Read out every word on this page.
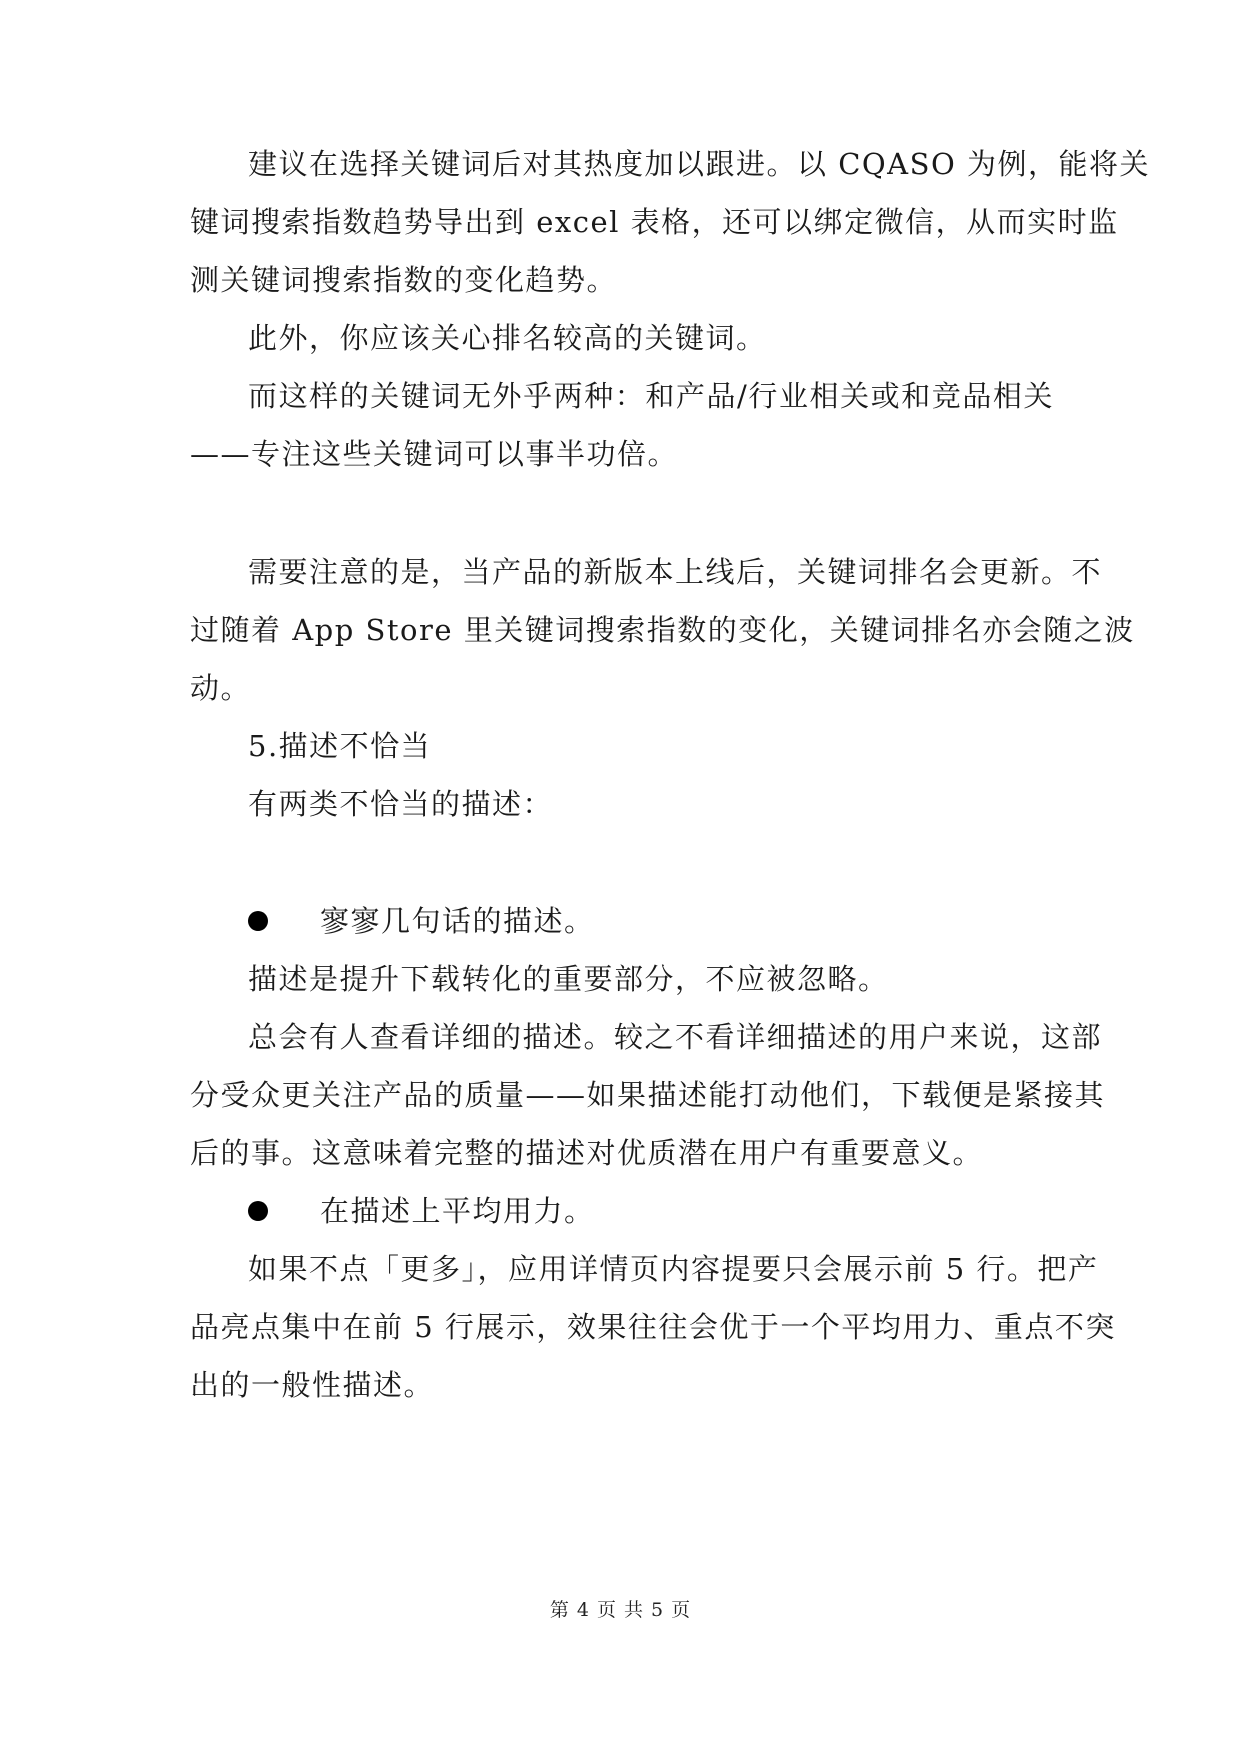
建议在选择关键词后对其热度加以跟进。以 CQASO 为例，能将关
键词搜索指数趋势导出到 excel 表格，还可以绑定微信，从而实时监
测关键词搜索指数的变化趋势。
此外，你应该关心排名较高的关键词。
而这样的关键词无外乎两种：和产品/行业相关或和竞品相关
——专注这些关键词可以事半功倍。
需要注意的是，当产品的新版本上线后，关键词排名会更新。不
过随着 App Store 里关键词搜索指数的变化，关键词排名亦会随之波
动。
5.描述不恰当
有两类不恰当的描述：
寥寥几句话的描述。
描述是提升下载转化的重要部分，不应被忽略。
总会有人查看详细的描述。较之不看详细描述的用户来说，这部
分受众更关注产品的质量——如果描述能打动他们，下载便是紧接其
后的事。这意味着完整的描述对优质潜在用户有重要意义。
在描述上平均用力。
如果不点「更多」，应用详情页内容提要只会展示前 5 行。把产
品亮点集中在前 5 行展示，效果往往会优于一个平均用力、重点不突
出的一般性描述。
第 4 页 共 5 页
